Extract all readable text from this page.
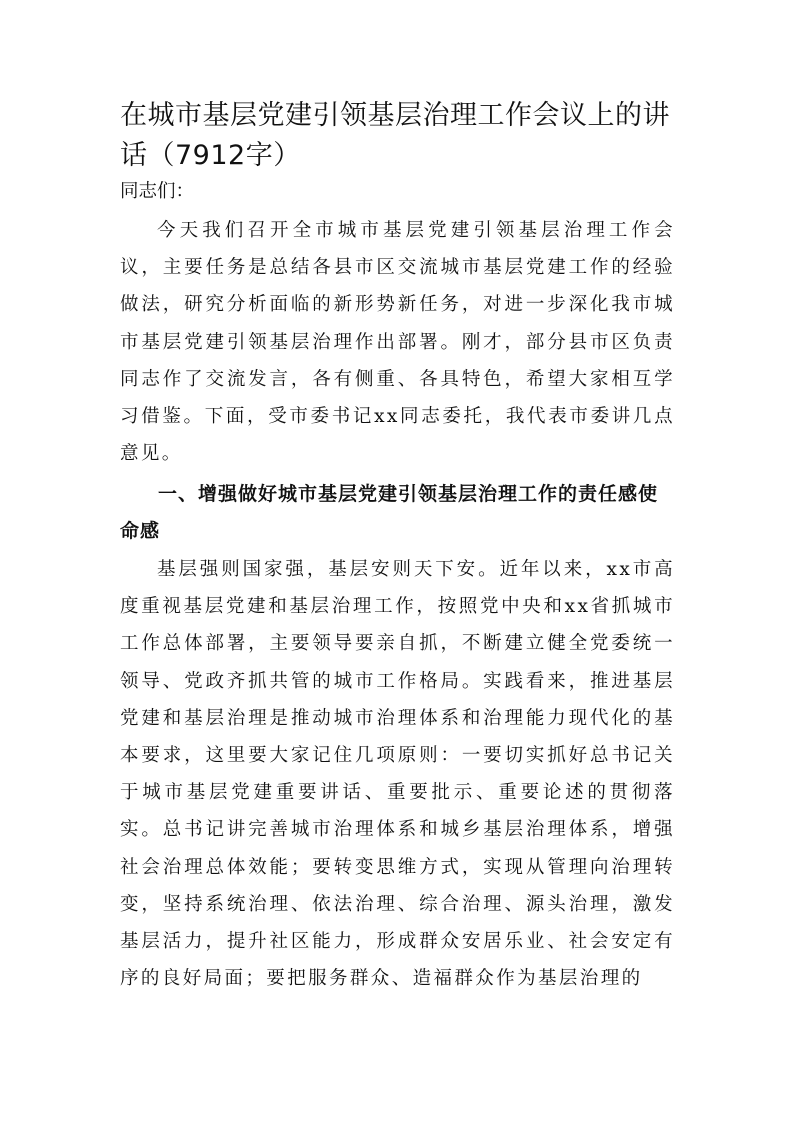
在城市基层党建引领基层治理工作会议上的讲话（7912字）

同志们：

今天我们召开全市城市基层党建引领基层治理工作会议，主要任务是总结各县市区交流城市基层党建工作的经验做法，研究分析面临的新形势新任务，对进一步深化我市城市基层党建引领基层治理作出部署。刚才，部分县市区负责同志作了交流发言，各有侧重、各具特色，希望大家相互学习借鉴。下面，受市委书记xx同志委托，我代表市委讲几点意见。

一、增强做好城市基层党建引领基层治理工作的责任感使命感

基层强则国家强，基层安则天下安。近年以来，xx市高度重视基层党建和基层治理工作，按照党中央和xx省抓城市工作总体部署，主要领导要亲自抓，不断建立健全党委统一领导、党政齐抓共管的城市工作格局。实践看来，推进基层党建和基层治理是推动城市治理体系和治理能力现代化的基本要求，这里要大家记住几项原则：一要切实抓好总书记关于城市基层党建重要讲话、重要批示、重要论述的贯彻落实。总书记讲完善城市治理体系和城乡基层治理体系，增强社会治理总体效能；要转变思维方式，实现从管理向治理转变，坚持系统治理、依法治理、综合治理、源头治理，激发基层活力，提升社区能力，形成群众安居乐业、社会安定有序的良好局面；要把服务群众、造福群众作为基层治理的
